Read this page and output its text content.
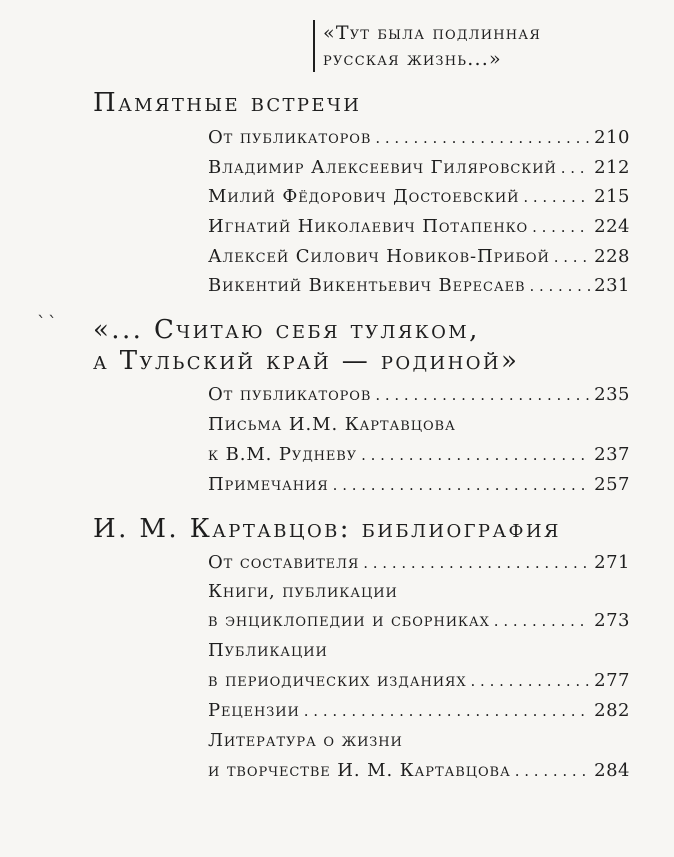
«Тут была подлинная
русская жизнь...»
ˋˋ
Памятные встречи
От публикаторов . . .	210
Владимир Алексеевич Гиляровский . . . 212
Милий Фёдорович Достоевский . . .	215
Игнатий Николаевич Потапенко . . .	224
Алексей Силович Новиков-Прибой . . . 228
Викентий Викентьевич Вересаев . . .	231
«... Считаю себя туляком,
а Тульский край — родиной»
От публикаторов . . .	235
Письма И.М. Картавцова
к В.М. Рудневу . . .	237
Примечания . . .	257
И. М. Картавцов: библиография
От составителя . . .	271
Книги, публикации
в энциклопедии и сборниках . . .	273
Публикации
в периодических изданиях . . .	277
Рецензии . . .	282
Литература о жизни
и творчестве И. М. Картавцова . . .	284
